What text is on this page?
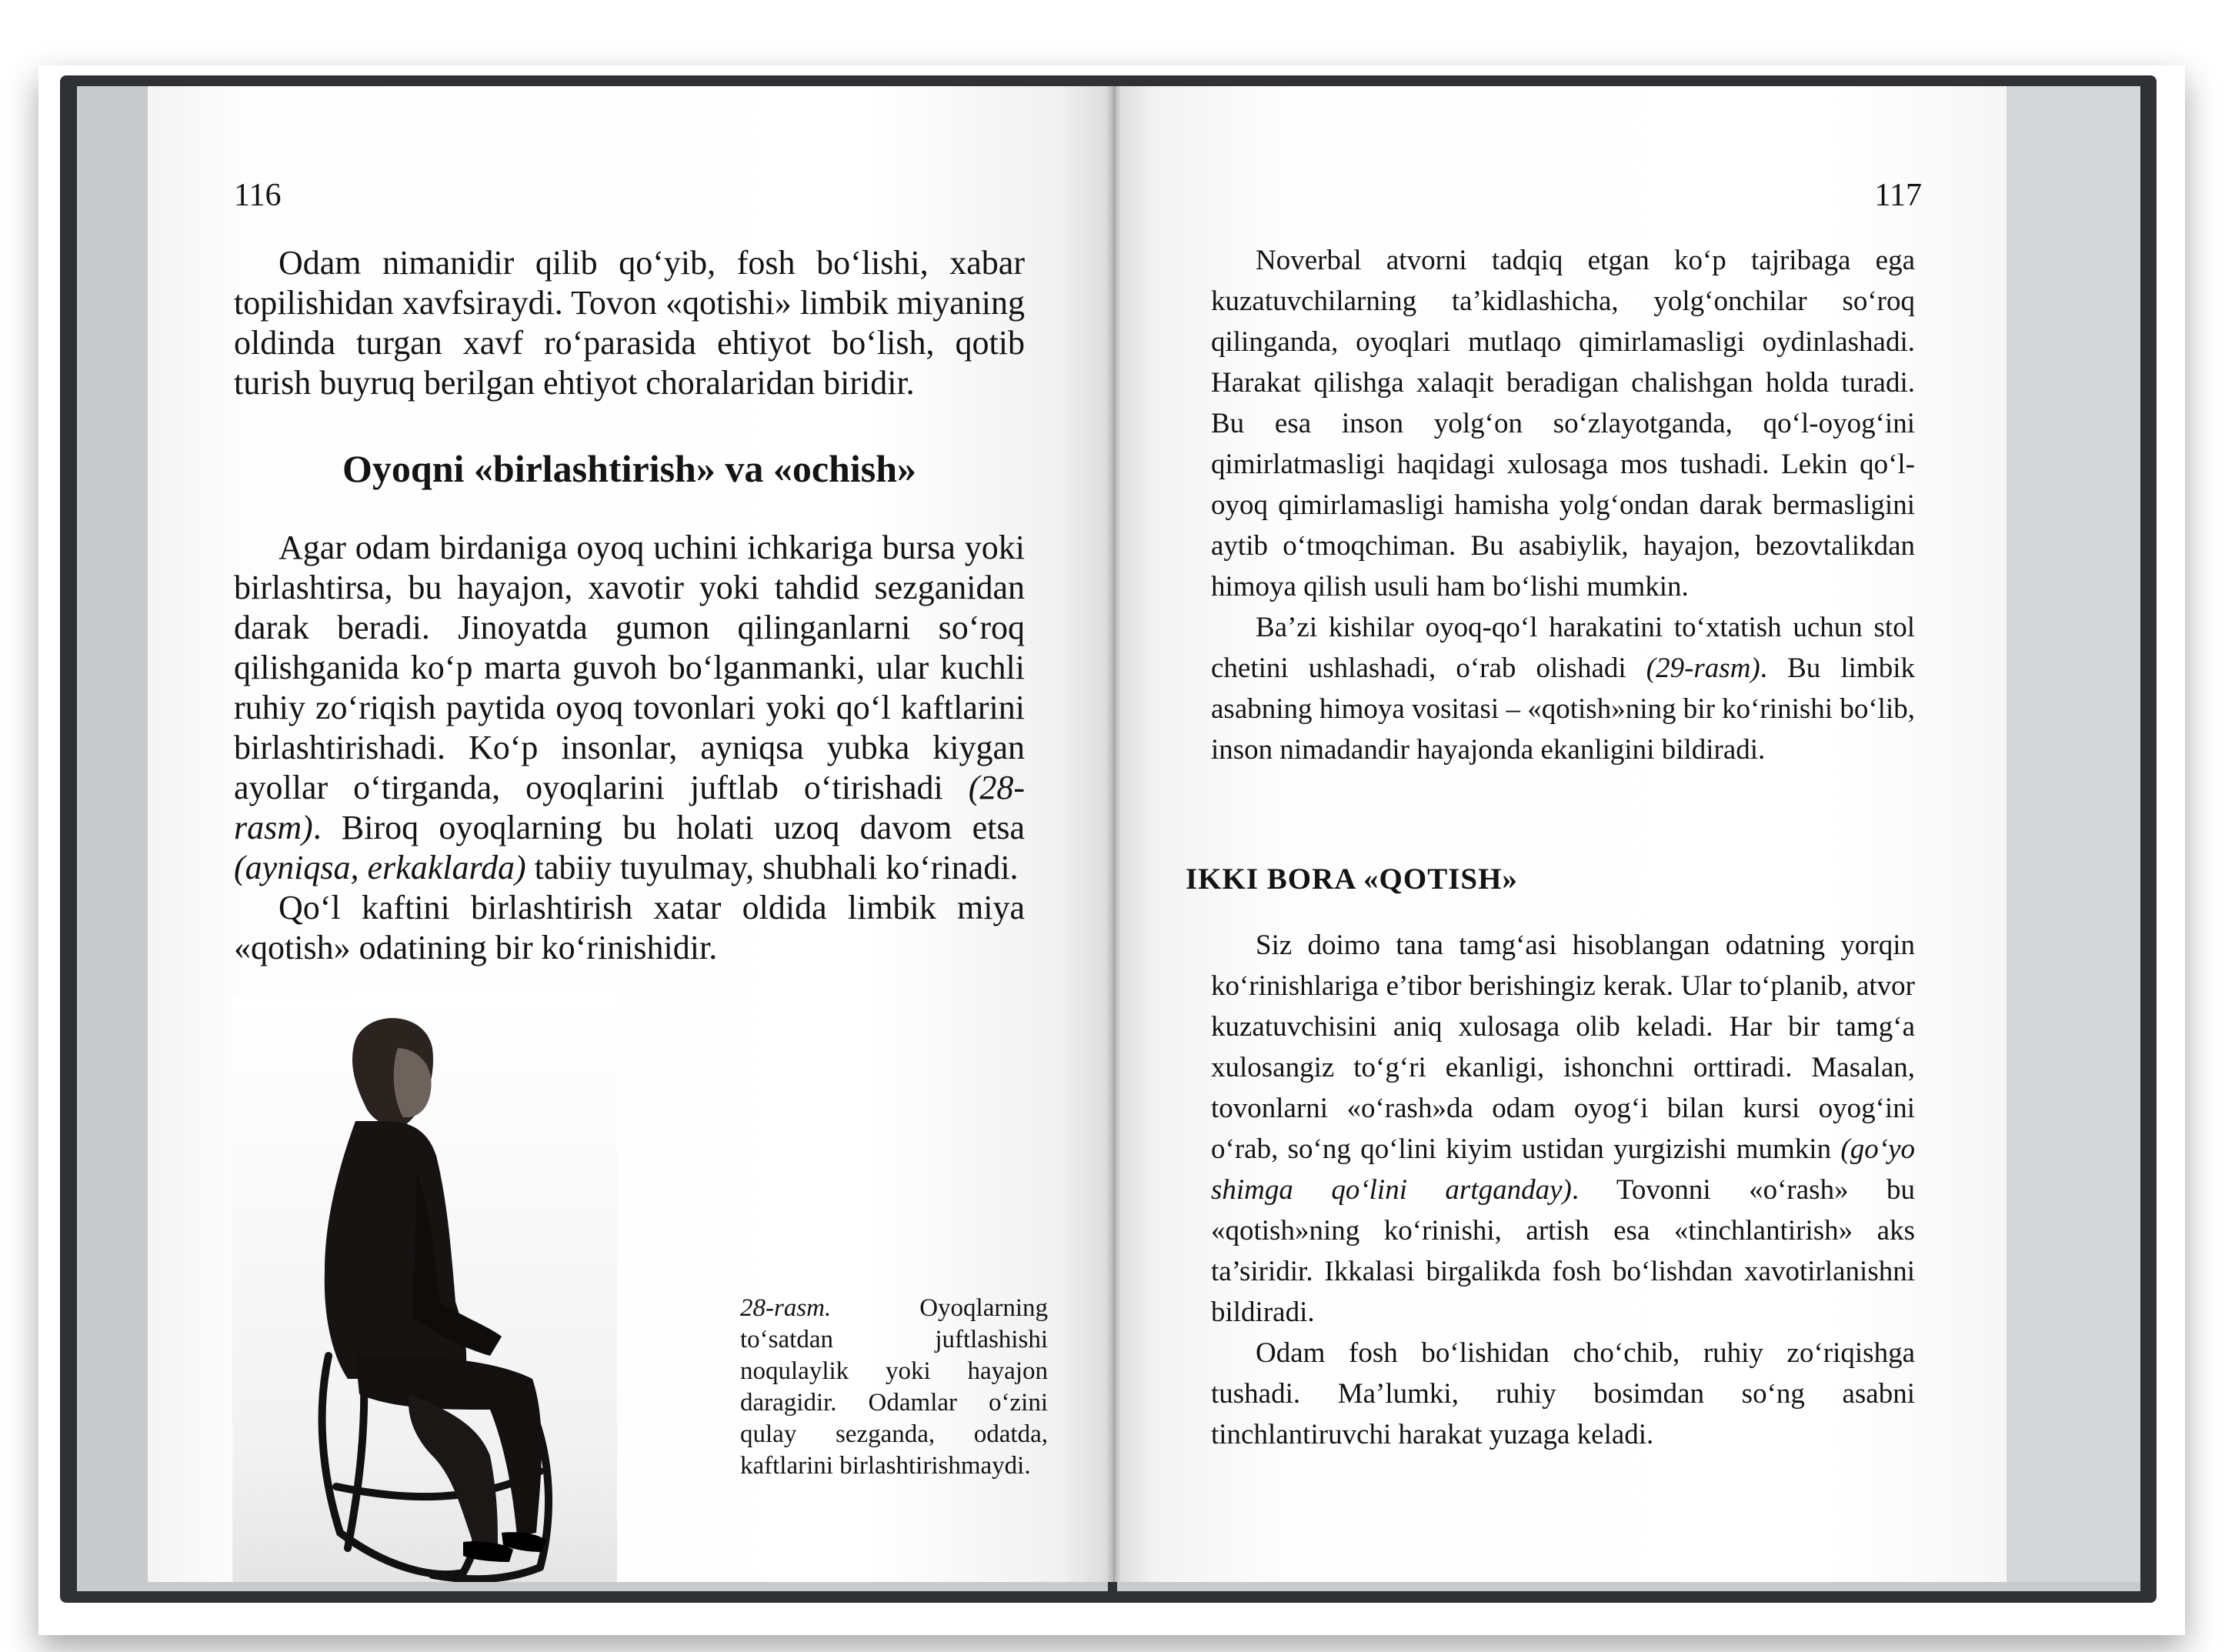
116

Odam nimanidir qilib qo‘yib, fosh bo‘lishi, xabar topilishidan xavfsiraydi. Tovon «qotishi» limbik miyaning oldinda turgan xavf ro‘parasida ehtiyot bo‘lish, qotib turish buyruq berilgan ehtiyot choralaridan biridir.

Oyoqni «birlashtirish» va «ochish»

Agar odam birdaniga oyoq uchini ichkariga bursa yoki birlashtirsa, bu hayajon, xavotir yoki tahdid sezganidan darak beradi. Jinoyatda gumon qilinganlarni so‘roq qilishganida ko‘p marta guvoh bo‘lganmanki, ular kuchli ruhiy zo‘riqish paytida oyoq tovonlari yoki qo‘l kaftlarini birlashtirishadi. Ko‘p insonlar, ayniqsa yubka kiygan ayollar o‘tirganda, oyoqlarini juftlab o‘tirishadi (28-rasm). Biroq oyoqlarning bu holati uzoq davom etsa (ayniqsa, erkaklarda) tabiiy tuyulmay, shubhali ko‘rinadi.

Qo‘l kaftini birlashtirish xatar oldida limbik miya «qotish» odatining bir ko‘rinishidir.

28-rasm. Oyoqlarning to‘satdan juftlashishi noqulaylik yoki hayajon daragidir. Odamlar o‘zini qulay sezganda, odatda, kaftlarini birlashtirishmaydi.
117

Noverbal atvorni tadqiq etgan ko‘p tajribaga ega kuzatuvchilarning ta’kidlashicha, yolg‘onchilar so‘roq qilinganda, oyoqlari mutlaqo qimirlamasligi oydinlashadi. Harakat qilishga xalaqit beradigan chalishgan holda turadi. Bu esa inson yolg‘on so‘zlayotganda, qo‘l-oyog‘ini qimirlatmasligi haqidagi xulosaga mos tushadi. Lekin qo‘l-oyoq qimirlamasligi hamisha yolg‘ondan darak bermasligini aytib o‘tmoqchiman. Bu asabiylik, hayajon, bezovtalikdan himoya qilish usuli ham bo‘lishi mumkin.

Ba’zi kishilar oyoq-qo‘l harakatini to‘xtatish uchun stol chetini ushlashadi, o‘rab olishadi (29-rasm). Bu limbik asabning himoya vositasi – «qotish»ning bir ko‘rinishi bo‘lib, inson nimadandir hayajonda ekanligini bildiradi.

IKKI BORA «QOTISH»

Siz doimo tana tamg‘asi hisoblangan odatning yorqin ko‘rinishlariga e’tibor berishingiz kerak. Ular to‘planib, atvor kuzatuvchisini aniq xulosaga olib keladi. Har bir tamg‘a xulosangiz to‘g‘ri ekanligi, ishonchni orttiradi. Masalan, tovonlarni «o‘rash»da odam oyog‘i bilan kursi oyog‘ini o‘rab, so‘ng qo‘lini kiyim ustidan yurgizishi mumkin (go‘yo shimga qo‘lini artganday). Tovonni «o‘rash» bu «qotish»ning ko‘rinishi, artish esa «tinchlantirish» aks ta’siridir. Ikkalasi birgalikda fosh bo‘lishdan xavotirlanishni bildiradi.

Odam fosh bo‘lishidan cho‘chib, ruhiy zo‘riqishga tushadi. Ma’lumki, ruhiy bosimdan so‘ng asabni tinchlantiruvchi harakat yuzaga keladi.
